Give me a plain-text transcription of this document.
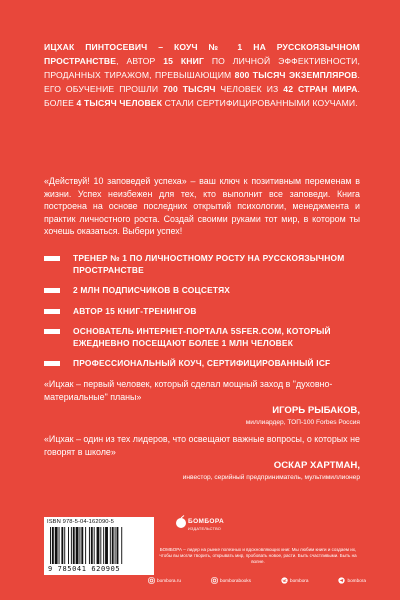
ИЦХАК ПИНТОСЕВИЧ – КОУЧ № 1 НА РУССКОЯЗЫЧНОМ ПРОСТРАНСТВЕ, АВТОР 15 КНИГ ПО ЛИЧНОЙ ЭФФЕКТИВНОСТИ, ПРОДАННЫХ ТИРАЖОМ, ПРЕВЫШАЮЩИМ 800 ТЫСЯЧ ЭКЗЕМПЛЯРОВ. ЕГО ОБУЧЕНИЕ ПРОШЛИ 700 ТЫСЯЧ ЧЕЛОВЕК ИЗ 42 СТРАН МИРА. БОЛЕЕ 4 ТЫСЯЧ ЧЕЛОВЕК СТАЛИ СЕРТИФИЦИРОВАННЫМИ КОУЧАМИ.
«Действуй! 10 заповедей успеха» – ваш ключ к позитивным переменам в жизни. Успех неизбежен для тех, кто выполнит все заповеди. Книга построена на основе последних открытий психологии, менеджмента и практик личностного роста. Создай своими руками тот мир, в котором ты хочешь оказаться. Выбери успех!
ТРЕНЕР № 1 ПО ЛИЧНОСТНОМУ РОСТУ НА РУССКОЯЗЫЧНОМ ПРОСТРАНСТВЕ
2 МЛН ПОДПИСЧИКОВ В СОЦСЕТЯХ
АВТОР 15 КНИГ-ТРЕНИНГОВ
ОСНОВАТЕЛЬ ИНТЕРНЕТ-ПОРТАЛА 5SFER.COM, КОТОРЫЙ ЕЖЕДНЕВНО ПОСЕЩАЮТ БОЛЕЕ 1 МЛН ЧЕЛОВЕК
ПРОФЕССИОНАЛЬНЫЙ КОУЧ, СЕРТИФИЦИРОВАННЫЙ ICF
«Ицхак – первый человек, который сделал мощный заход в "духовно-материальные" планы»
ИГОРЬ РЫБАКОВ,
миллиардер, ТОП-100 Forbes Россия
«Ицхак – один из тех лидеров, что освещают важные вопросы, о которых не говорят в школе»
ОСКАР ХАРТМАН,
инвестор, серийный предприниматель, мультимиллионер
ISBN 978-5-04-162090-5
9 785041 620905
БОМБОРА
ИЗДАТЕЛЬСТВО
БОМБОРА – лидер на рынке полезных и вдохновляющих книг. Мы любим книги и создаем их, чтобы вы могли творить, открывать мир, пробовать новое, расти. Быть счастливыми. Быть на волне.
bombora.ru	bomborabooks	bombora	bombora
